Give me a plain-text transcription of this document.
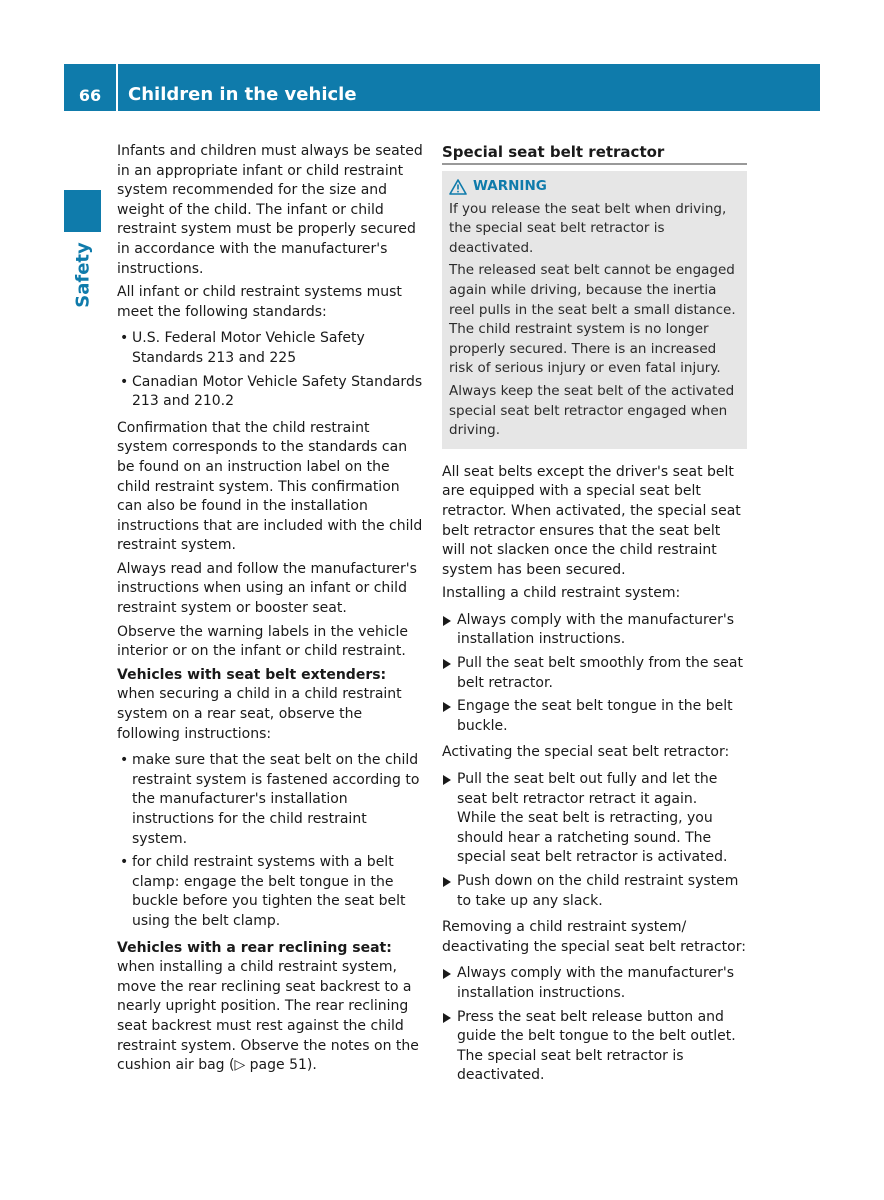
66	Children in the vehicle
Safety

Infants and children must always be seated in an appropriate infant or child restraint system recommended for the size and weight of the child. The infant or child restraint system must be properly secured in accordance with the manufacturer's instructions.

All infant or child restraint systems must meet the following standards:

• U.S. Federal Motor Vehicle Safety Standards 213 and 225
• Canadian Motor Vehicle Safety Standards 213 and 210.2

Confirmation that the child restraint system corresponds to the standards can be found on an instruction label on the child restraint system. This confirmation can also be found in the installation instructions that are included with the child restraint system.

Always read and follow the manufacturer's instructions when using an infant or child restraint system or booster seat.

Observe the warning labels in the vehicle interior or on the infant or child restraint.

Vehicles with seat belt extenders: when securing a child in a child restraint system on a rear seat, observe the following instructions:

• make sure that the seat belt on the child restraint system is fastened according to the manufacturer's installation instructions for the child restraint system.
• for child restraint systems with a belt clamp: engage the belt tongue in the buckle before you tighten the seat belt using the belt clamp.

Vehicles with a rear reclining seat: when installing a child restraint system, move the rear reclining seat backrest to a nearly upright position. The rear reclining seat backrest must rest against the child restraint system. Observe the notes on the cushion air bag (▷ page 51).

Special seat belt retractor
WARNING

If you release the seat belt when driving, the special seat belt retractor is deactivated.

The released seat belt cannot be engaged again while driving, because the inertia reel pulls in the seat belt a small distance. The child restraint system is no longer properly secured. There is an increased risk of serious injury or even fatal injury.

Always keep the seat belt of the activated special seat belt retractor engaged when driving.

All seat belts except the driver's seat belt are equipped with a special seat belt retractor. When activated, the special seat belt retractor ensures that the seat belt will not slacken once the child restraint system has been secured.

Installing a child restraint system:

Always comply with the manufacturer's installation instructions.
Pull the seat belt smoothly from the seat belt retractor.
Engage the seat belt tongue in the belt buckle.

Activating the special seat belt retractor:

Pull the seat belt out fully and let the seat belt retractor retract it again.
While the seat belt is retracting, you should hear a ratcheting sound. The special seat belt retractor is activated.
Push down on the child restraint system to take up any slack.

Removing a child restraint system/ deactivating the special seat belt retractor:

Always comply with the manufacturer's installation instructions.
Press the seat belt release button and guide the belt tongue to the belt outlet.
The special seat belt retractor is deactivated.
